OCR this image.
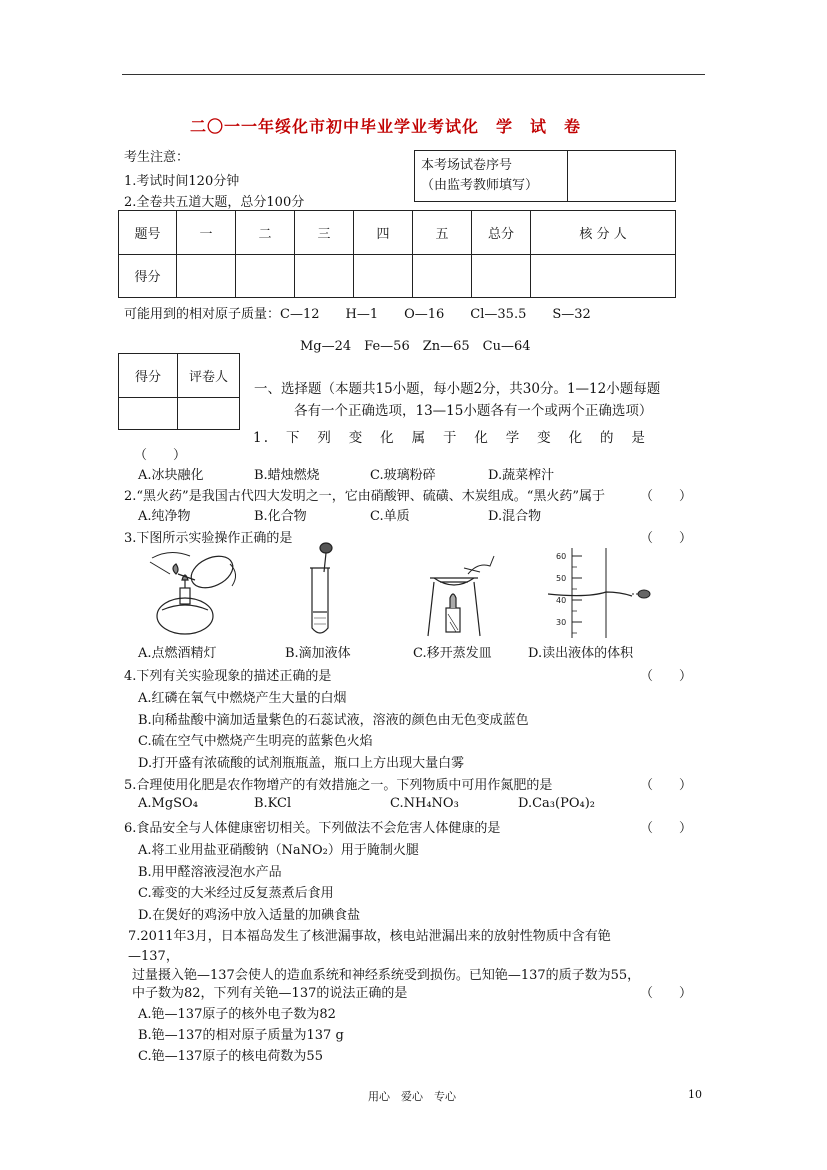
二〇一一年绥化市初中毕业学业考试化　学　试　卷
考生注意：
1.考试时间120分钟
2.全卷共五道大题，总分100分
本考场试卷序号
（由监考教师填写）

题号	一	二	三	四	五	总分	核 分 人
得分							
可能用到的相对原子质量：C—12　　H—1　　O—16　　Cl—35.5　　S—32
Mg—24　Fe—56　Zn—65　Cu—64
得分	评卷人

一、选择题（本题共15小题，每小题2分，共30分。1—12小题每题
各有一个正确选项，13—15小题各有一个或两个正确选项）
1.　下　列　变　化　属　于　化　学　变　化　的　是
（　　）
A.冰块融化	B.蜡烛燃烧	C.玻璃粉碎	D.蔬菜榨汁
2.“黑火药”是我国古代四大发明之一，它由硝酸钾、硫磺、木炭组成。“黑火药”属于	（　　）
A.纯净物	B.化合物	C.单质	D.混合物
3.下图所示实验操作正确的是	（　　）
60
50
40
30
A.点燃酒精灯	B.滴加液体	C.移开蒸发皿	D.读出液体的体积
4.下列有关实验现象的描述正确的是	（　　）
A.红磷在氧气中燃烧产生大量的白烟
B.向稀盐酸中滴加适量紫色的石蕊试液，溶液的颜色由无色变成蓝色
C.硫在空气中燃烧产生明亮的蓝紫色火焰
D.打开盛有浓硫酸的试剂瓶瓶盖，瓶口上方出现大量白雾
5.合理使用化肥是农作物增产的有效措施之一。下列物质中可用作氮肥的是	（　　）
A.MgSO₄	B.KCl	C.NH₄NO₃	D.Ca₃(PO₄)₂
6.食品安全与人体健康密切相关。下列做法不会危害人体健康的是	（　　）
A.将工业用盐亚硝酸钠（NaNO₂）用于腌制火腿
B.用甲醛溶液浸泡水产品
C.霉变的大米经过反复蒸煮后食用
D.在煲好的鸡汤中放入适量的加碘食盐
7.2011年3月，日本福岛发生了核泄漏事故，核电站泄漏出来的放射性物质中含有铯
—137，
过量摄入铯—137会使人的造血系统和神经系统受到损伤。已知铯—137的质子数为55，
中子数为82，下列有关铯—137的说法正确的是	（　　）
A.铯—137原子的核外电子数为82
B.铯—137的相对原子质量为137 g
C.铯—137原子的核电荷数为55
用心　爱心　专心	10
